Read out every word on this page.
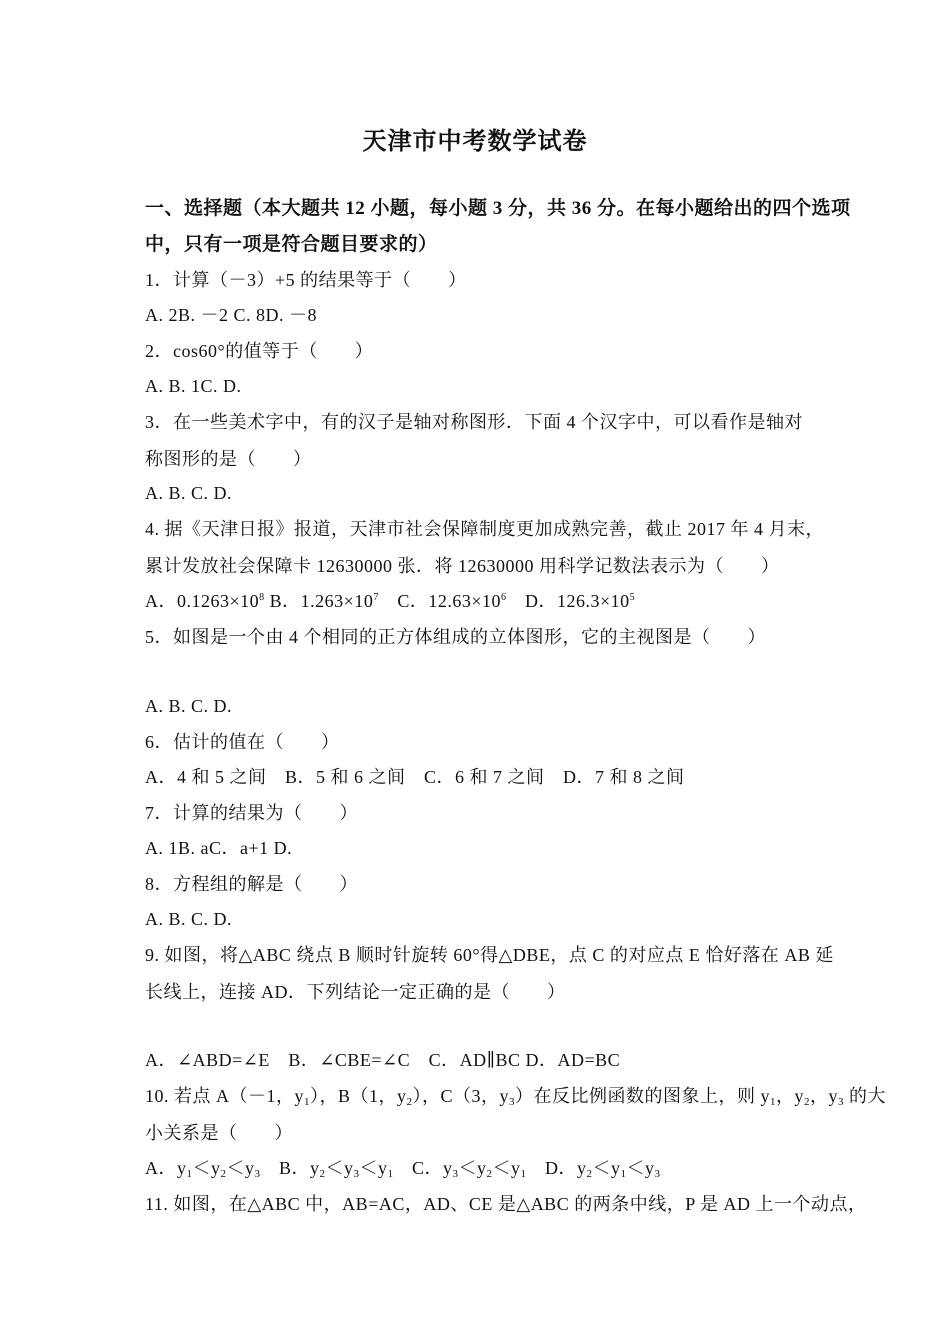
天津市中考数学试卷
一、选择题（本大题共 12 小题，每小题 3 分，共 36 分。在每小题给出的四个选项
中，只有一项是符合题目要求的）
1．计算（－3）+5 的结果等于（　　）
A. 2B. －2 C. 8D. －8
2．cos60°的值等于（　　）
A. B. 1C. D.
3．在一些美术字中，有的汉子是轴对称图形．下面 4 个汉字中，可以看作是轴对
称图形的是（　　）
A. B. C. D.
4. 据《天津日报》报道，天津市社会保障制度更加成熟完善，截止 2017 年 4 月末，
累计发放社会保障卡 12630000 张．将 12630000 用科学记数法表示为（　　）
A．$0.1263\times 10^8$ B．$1.263\times 10^7$　C．$12.63\times 10^6$　D．$126.3\times 10^5$
5．如图是一个由 4 个相同的正方体组成的立体图形，它的主视图是（　　）
A. B. C. D.
6．估计的值在（　　）
A．4 和 5 之间　B．5 和 6 之间　C．6 和 7 之间　D．7 和 8 之间
7．计算的结果为（　　）
A. 1B. aC．a+1 D.
8．方程组的解是（　　）
A. B. C. D.
9. 如图，将△ABC 绕点 B 顺时针旋转 60°得△DBE，点 C 的对应点 E 恰好落在 AB 延
长线上，连接 AD．下列结论一定正确的是（　　）
A．∠ABD=∠E　B．∠CBE=∠C　C．AD∥BC D．AD=BC
10. 若点 A（－1，$y_1$），B（1，$y_2$），C（3，$y_3$）在反比例函数的图象上，则 $y_1$，$y_2$，$y_3$ 的大
小关系是（　　）
A．$y_1<y_2<y_3$　B．$y_2<y_3<y_1$　C．$y_3<y_2<y_1$　D．$y_2<y_1<y_3$
11. 如图，在△ABC 中，AB=AC，AD、CE 是△ABC 的两条中线，P 是 AD 上一个动点，
